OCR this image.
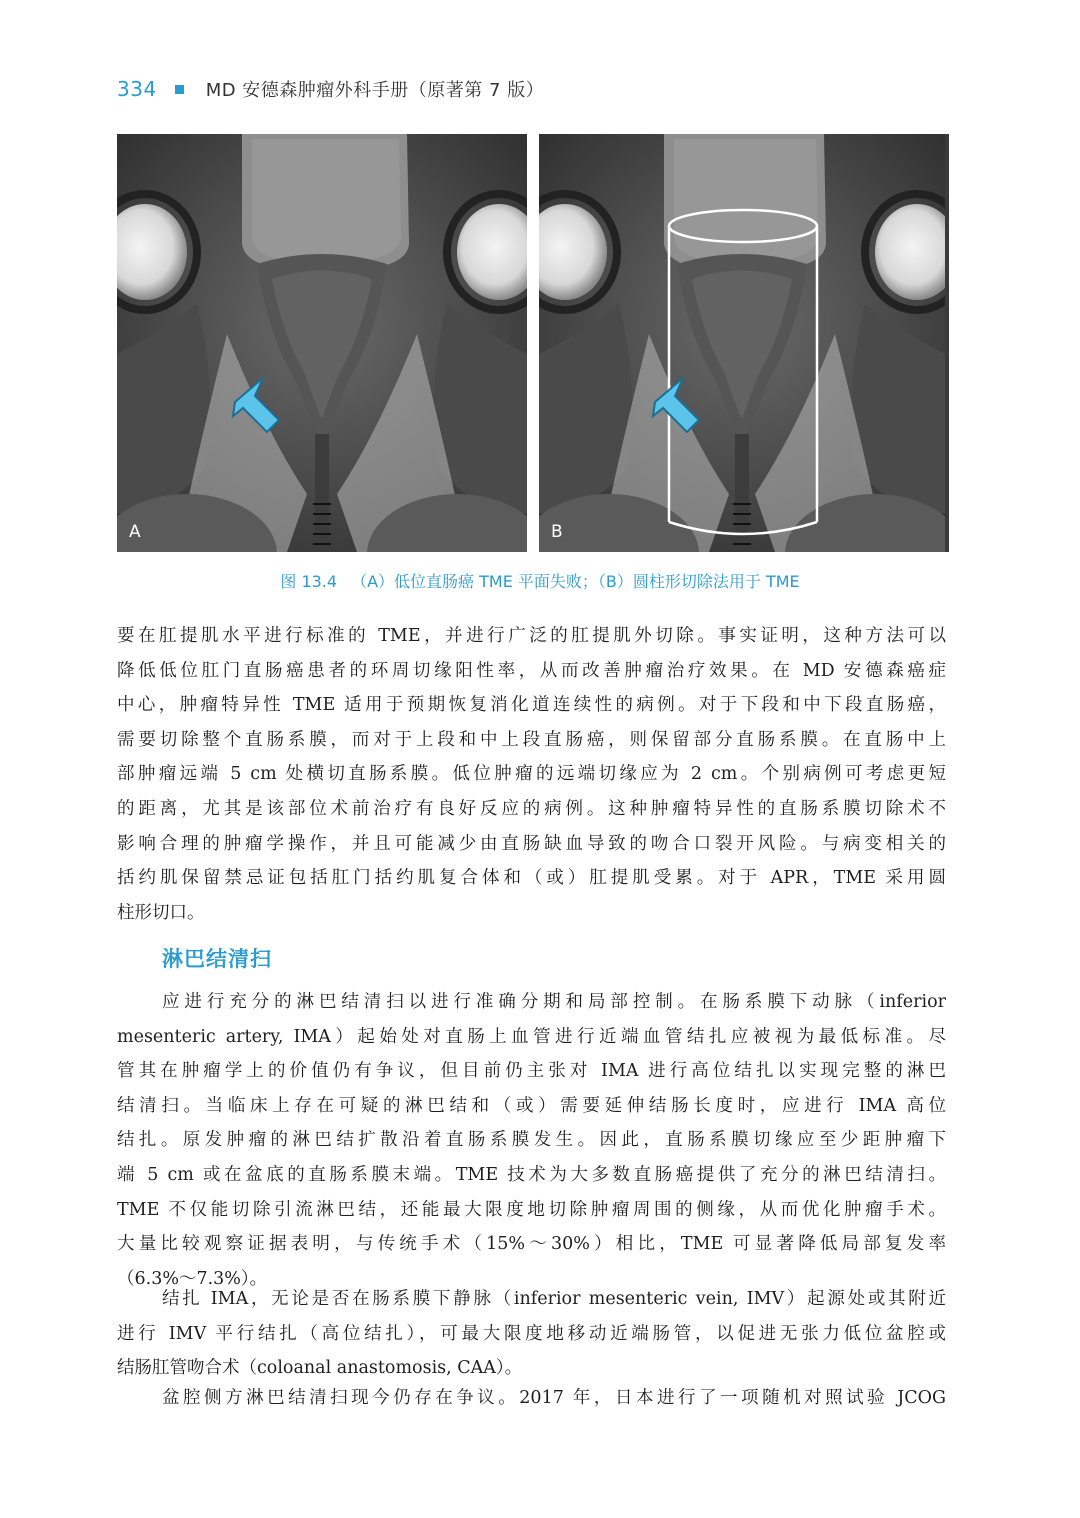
334	MD 安德森肿瘤外科手册（原著第 7 版）
A	B
图 13.4 （A）低位直肠癌 TME 平面失败；（B）圆柱形切除法用于 TME
要在肛提肌水平进行标准的 TME，并进行广泛的肛提肌外切除。事实证明，这种方法可以
降低低位肛门直肠癌患者的环周切缘阳性率，从而改善肿瘤治疗效果。在 MD 安德森癌症
中心，肿瘤特异性 TME 适用于预期恢复消化道连续性的病例。对于下段和中下段直肠癌，
需要切除整个直肠系膜，而对于上段和中上段直肠癌，则保留部分直肠系膜。在直肠中上
部肿瘤远端 5 cm 处横切直肠系膜。低位肿瘤的远端切缘应为 2 cm。个别病例可考虑更短
的距离，尤其是该部位术前治疗有良好反应的病例。这种肿瘤特异性的直肠系膜切除术不
影响合理的肿瘤学操作，并且可能减少由直肠缺血导致的吻合口裂开风险。与病变相关的
括约肌保留禁忌证包括肛门括约肌复合体和（或）肛提肌受累。对于 APR，TME 采用圆
柱形切口。
淋巴结清扫
应进行充分的淋巴结清扫以进行准确分期和局部控制。在肠系膜下动脉（inferior
mesenteric artery, IMA）起始处对直肠上血管进行近端血管结扎应被视为最低标准。尽
管其在肿瘤学上的价值仍有争议，但目前仍主张对 IMA 进行高位结扎以实现完整的淋巴
结清扫。当临床上存在可疑的淋巴结和（或）需要延伸结肠长度时，应进行 IMA 高位
结扎。原发肿瘤的淋巴结扩散沿着直肠系膜发生。因此，直肠系膜切缘应至少距肿瘤下
端 5 cm 或在盆底的直肠系膜末端。TME 技术为大多数直肠癌提供了充分的淋巴结清扫。
TME 不仅能切除引流淋巴结，还能最大限度地切除肿瘤周围的侧缘，从而优化肿瘤手术。
大量比较观察证据表明，与传统手术（15%～30%）相比，TME 可显著降低局部复发率
（6.3%～7.3%）。
结扎 IMA，无论是否在肠系膜下静脉（inferior mesenteric vein, IMV）起源处或其附近
进行 IMV 平行结扎（高位结扎），可最大限度地移动近端肠管，以促进无张力低位盆腔或
结肠肛管吻合术（coloanal anastomosis, CAA）。
盆腔侧方淋巴结清扫现今仍存在争议。2017 年，日本进行了一项随机对照试验 JCOG
